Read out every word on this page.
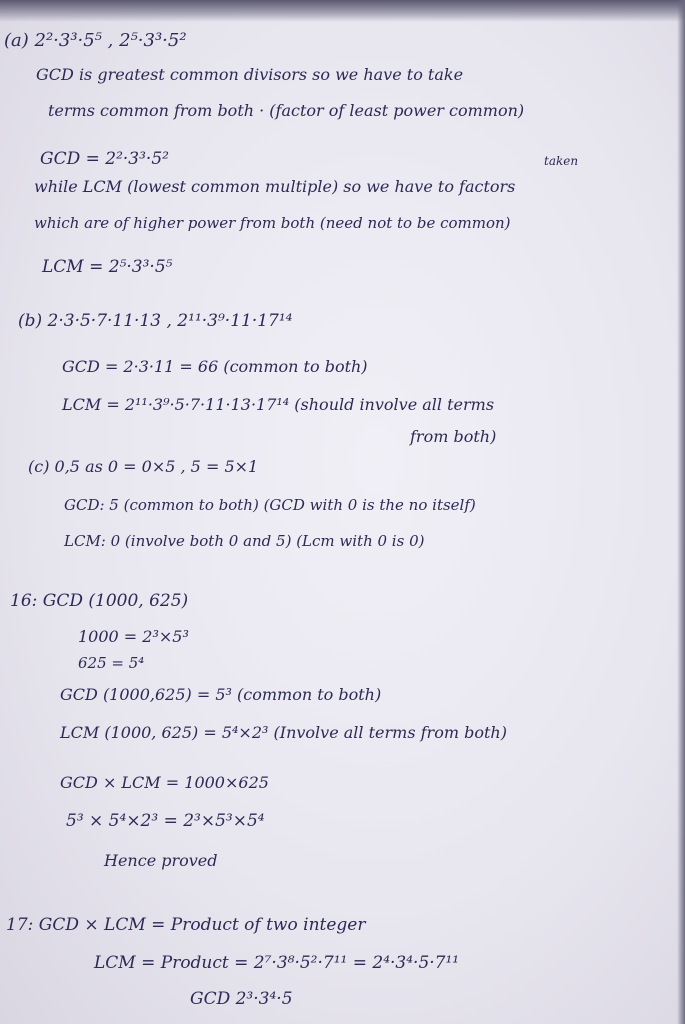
(a) 2²·3³·5⁵ , 2⁵·3³·5²
GCD is greatest common divisors so we have to take
terms common from both · (factor of least power common)
GCD = 2²·3³·5²	taken
while LCM (lowest common multiple) so we have to factors
which are of higher power from both (need not to be common)
LCM = 2⁵·3³·5⁵
(b) 2·3·5·7·11·13 , 2¹¹·3⁹·11·17¹⁴
GCD = 2·3·11 = 66 (common to both)
LCM = 2¹¹·3⁹·5·7·11·13·17¹⁴ (should involve all terms
from both)
(c) 0,5 as 0 = 0×5 , 5 = 5×1
GCD: 5 (common to both) (GCD with 0 is the no itself)
LCM: 0 (involve both 0 and 5) (Lcm with 0 is 0)
16: GCD (1000, 625)
1000 = 2³×5³
625 = 5⁴
GCD (1000,625) = 5³ (common to both)
LCM (1000, 625) = 5⁴×2³ (Involve all terms from both)
GCD × LCM = 1000×625
5³ × 5⁴×2³ = 2³×5³×5⁴
Hence proved
17: GCD × LCM = Product of two integer
LCM = Product = 2⁷·3⁸·5²·7¹¹ = 2⁴·3⁴·5·7¹¹
GCD 2³·3⁴·5
